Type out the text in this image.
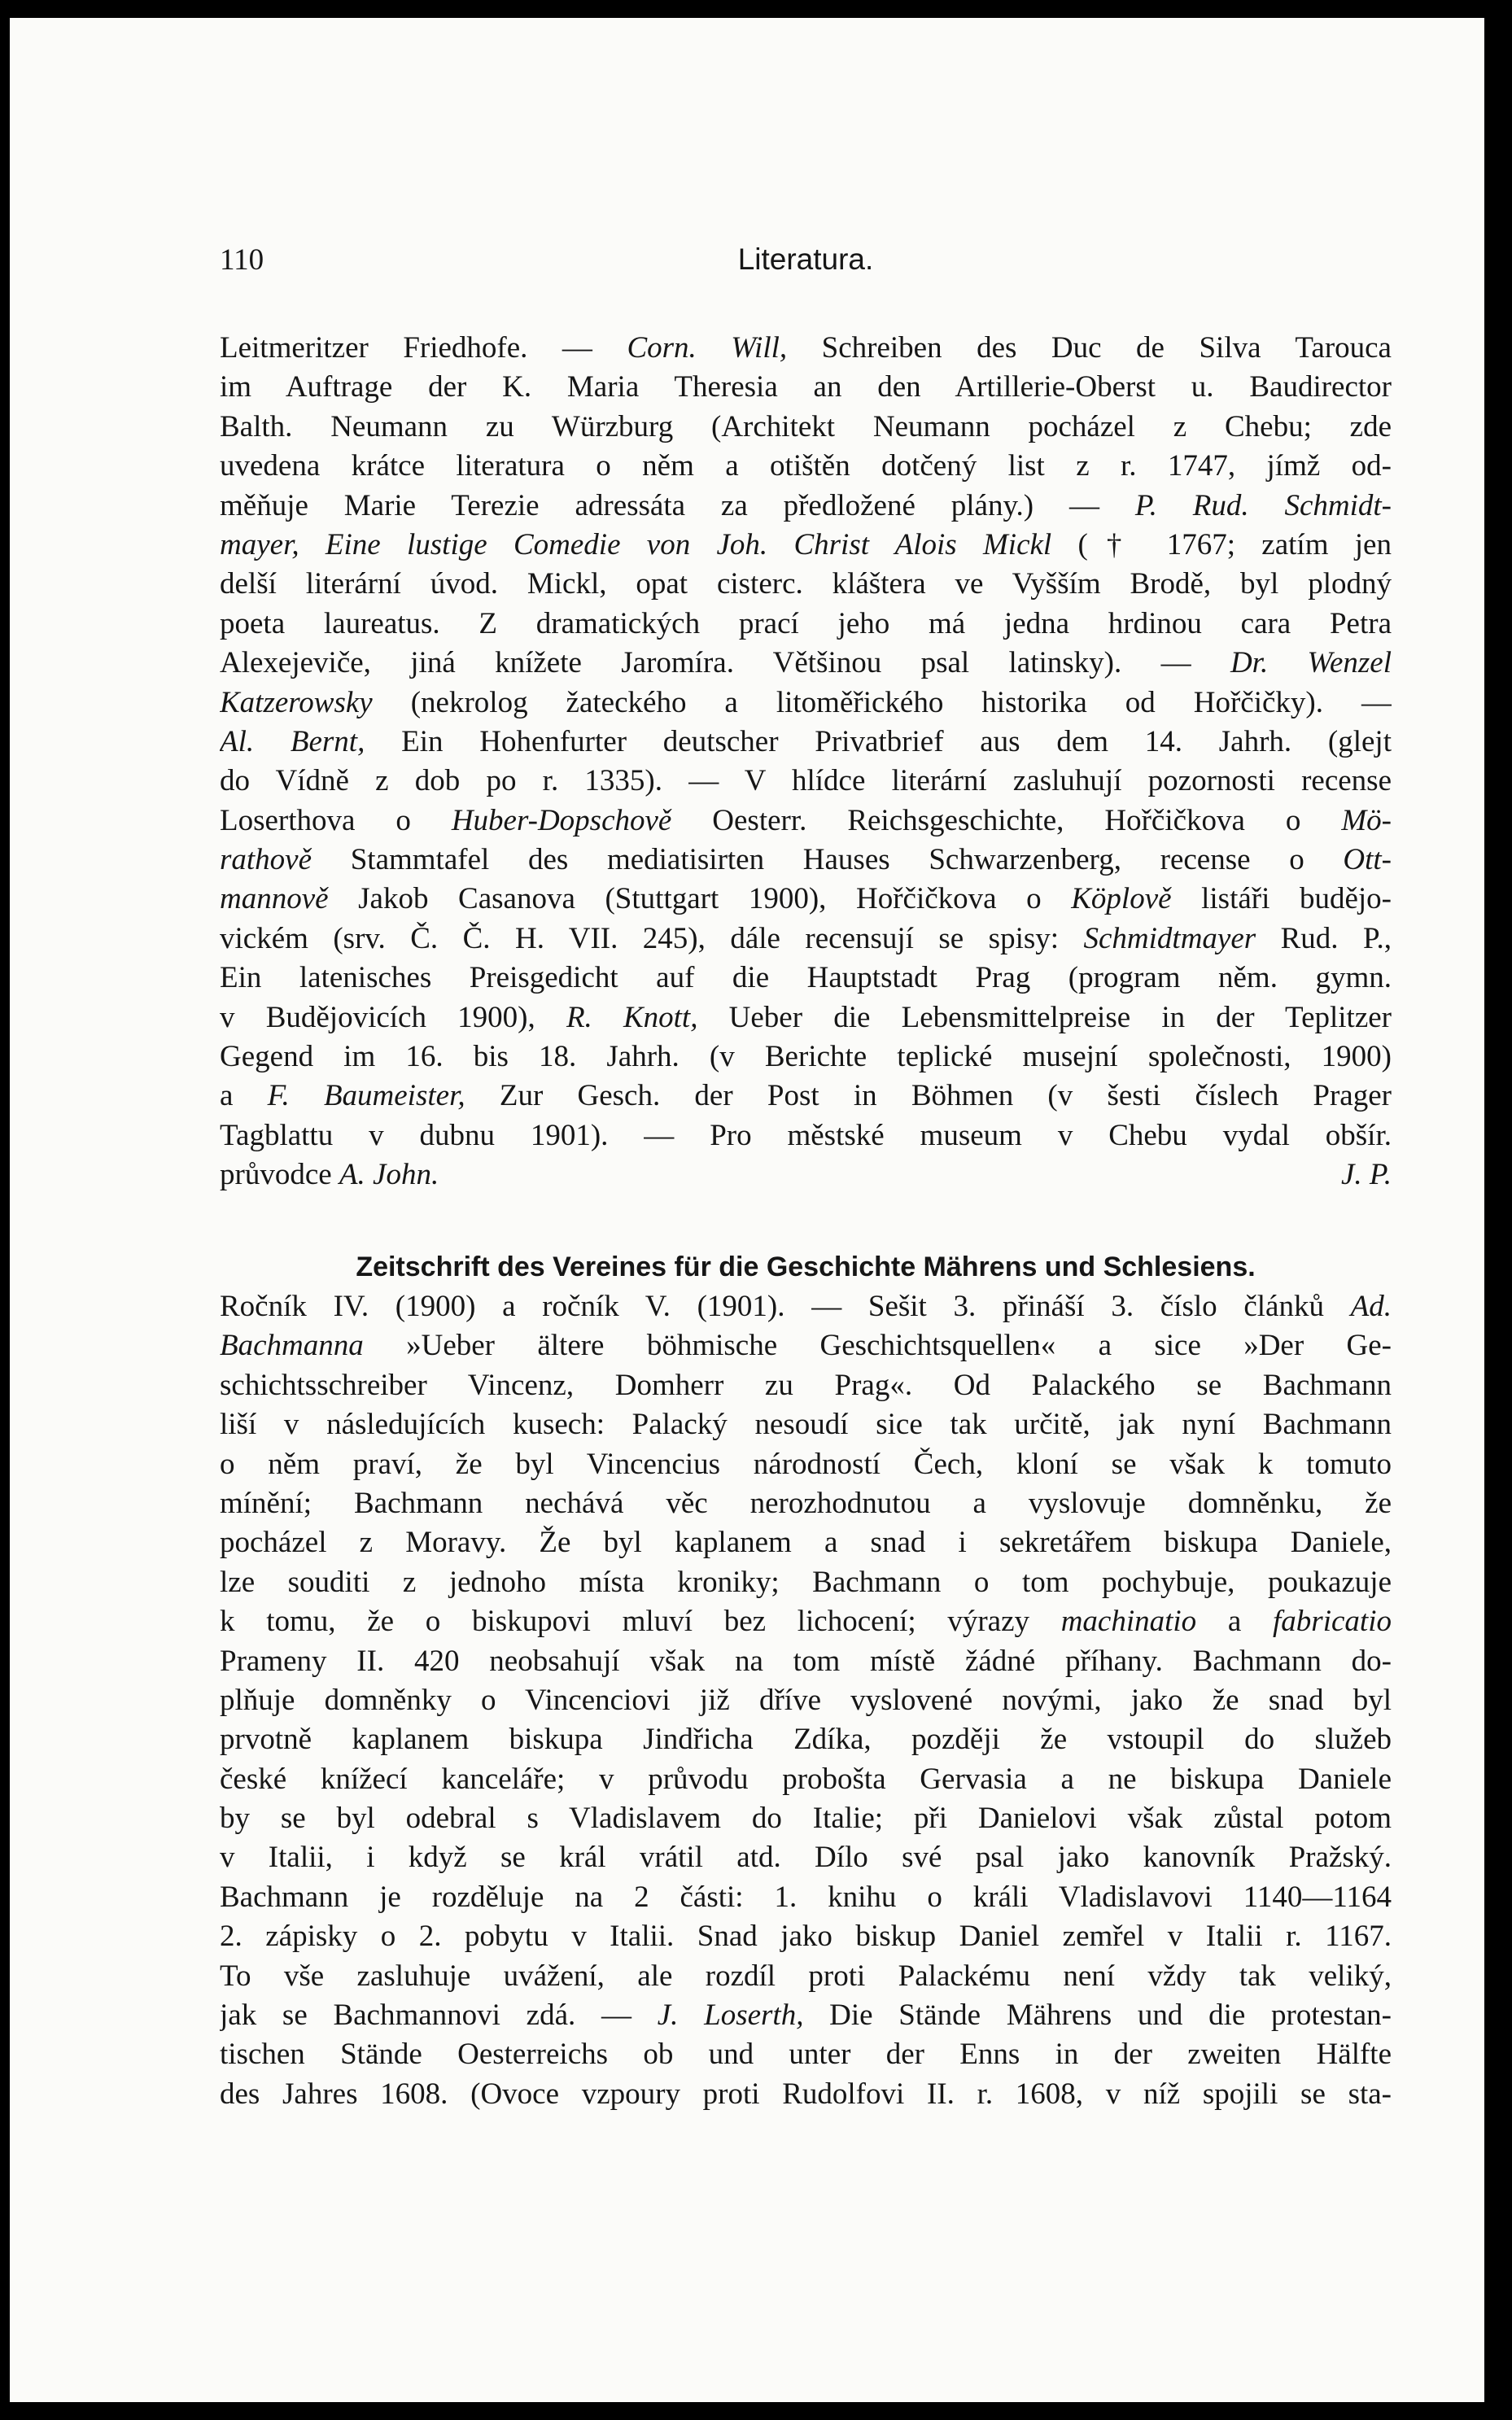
110	Literatura.
Leitmeritzer Friedhofe. — Corn. Will, Schreiben des Duc de Silva Tarouca
im Auftrage der K. Maria Theresia an den Artillerie-Oberst u. Baudirector
Balth. Neumann zu Würzburg (Architekt Neumann pocházel z Chebu; zde
uvedena krátce literatura o něm a otištěn dotčený list z r. 1747, jímž od-
měňuje Marie Terezie adressáta za předložené plány.) — P. Rud. Schmidt-
mayer, Eine lustige Comedie von Joh. Christ Alois Mickl († 1767; zatím jen
delší literární úvod. Mickl, opat cisterc. kláštera ve Vyšším Brodě, byl plodný
poeta laureatus. Z dramatických prací jeho má jedna hrdinou cara Petra
Alexejeviče, jiná knížete Jaromíra. Většinou psal latinsky). — Dr. Wenzel
Katzerowsky (nekrolog žateckého a litoměřického historika od Hořčičky). —
Al. Bernt, Ein Hohenfurter deutscher Privatbrief aus dem 14. Jahrh. (glejt
do Vídně z dob po r. 1335). — V hlídce literární zasluhují pozornosti recense
Loserthova o Huber-Dopschově Oesterr. Reichsgeschichte, Hořčičkova o Mö-
rathově Stammtafel des mediatisirten Hauses Schwarzenberg, recense o Ott-
mannově Jakob Casanova (Stuttgart 1900), Hořčičkova o Köplově listáři budějo-
vickém (srv. Č. Č. H. VII. 245), dále recensují se spisy: Schmidtmayer Rud. P.,
Ein latenisches Preisgedicht auf die Hauptstadt Prag (program něm. gymn.
v Budějovicích 1900), R. Knott, Ueber die Lebensmittelpreise in der Teplitzer
Gegend im 16. bis 18. Jahrh. (v Berichte teplické musejní společnosti, 1900)
a F. Baumeister, Zur Gesch. der Post in Böhmen (v šesti číslech Prager
Tagblattu v dubnu 1901). — Pro městské museum v Chebu vydal obšír.
průvodce A. John.	J. P.
Zeitschrift des Vereines für die Geschichte Mährens und Schlesiens.
Ročník IV. (1900) a ročník V. (1901). — Sešit 3. přináší 3. číslo článků Ad.
Bachmanna »Ueber ältere böhmische Geschichtsquellen« a sice »Der Ge-
schichtsschreiber Vincenz, Domherr zu Prag«. Od Palackého se Bachmann
liší v následujících kusech: Palacký nesoudí sice tak určitě, jak nyní Bachmann
o něm praví, že byl Vincencius národností Čech, kloní se však k tomuto
mínění; Bachmann nechává věc nerozhodnutou a vyslovuje domněnku, že
pocházel z Moravy. Že byl kaplanem a snad i sekretářem biskupa Daniele,
lze souditi z jednoho místa kroniky; Bachmann o tom pochybuje, poukazuje
k tomu, že o biskupovi mluví bez lichocení; výrazy machinatio a fabricatio
Prameny II. 420 neobsahují však na tom místě žádné příhany. Bachmann do-
plňuje domněnky o Vincenciovi již dříve vyslovené novými, jako že snad byl
prvotně kaplanem biskupa Jindřicha Zdíka, později že vstoupil do služeb
české knížecí kanceláře; v průvodu probošta Gervasia a ne biskupa Daniele
by se byl odebral s Vladislavem do Italie; při Danielovi však zůstal potom
v Italii, i když se král vrátil atd. Dílo své psal jako kanovník Pražský.
Bachmann je rozděluje na 2 části: 1. knihu o králi Vladislavovi 1140—1164
2. zápisky o 2. pobytu v Italii. Snad jako biskup Daniel zemřel v Italii r. 1167.
To vše zasluhuje uvážení, ale rozdíl proti Palackému není vždy tak veliký,
jak se Bachmannovi zdá. — J. Loserth, Die Stände Mährens und die protestan-
tischen Stände Oesterreichs ob und unter der Enns in der zweiten Hälfte
des Jahres 1608. (Ovoce vzpoury proti Rudolfovi II. r. 1608, v níž spojili se sta-
